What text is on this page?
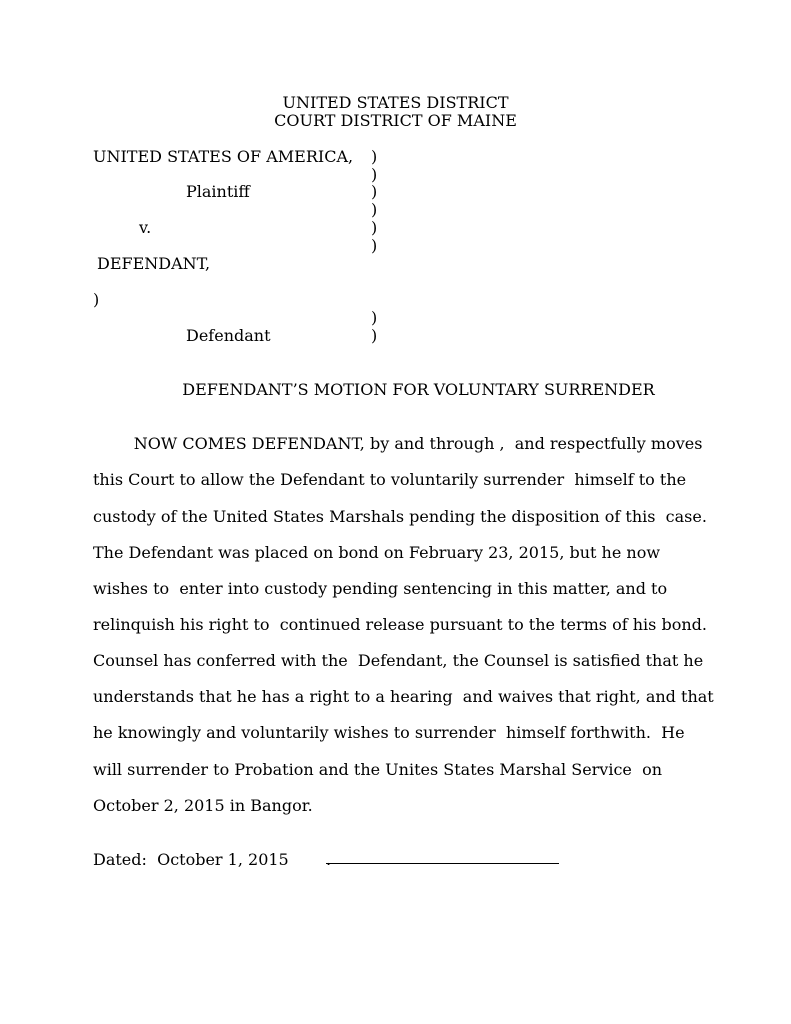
UNITED STATES DISTRICT
COURT DISTRICT OF MAINE
UNITED STATES OF AMERICA,
Plaintiff
v.
DEFENDANT,
)
Defendant
)
)
)
)
)
)
)
)
DEFENDANT’S MOTION FOR VOLUNTARY SURRENDER
NOW COMES DEFENDANT, by and through ,  and respectfully moves
this Court to allow the Defendant to voluntarily surrender  himself to the
custody of the United States Marshals pending the disposition of this  case.
The Defendant was placed on bond on February 23, 2015, but he now
wishes to  enter into custody pending sentencing in this matter, and to
relinquish his right to  continued release pursuant to the terms of his bond.
Counsel has conferred with the  Defendant, the Counsel is satisfied that he
understands that he has a right to a hearing  and waives that right, and that
he knowingly and voluntarily wishes to surrender  himself forthwith.  He
will surrender to Probation and the Unites States Marshal Service  on
October 2, 2015 in Bangor.
Dated:  October 1, 2015 .
